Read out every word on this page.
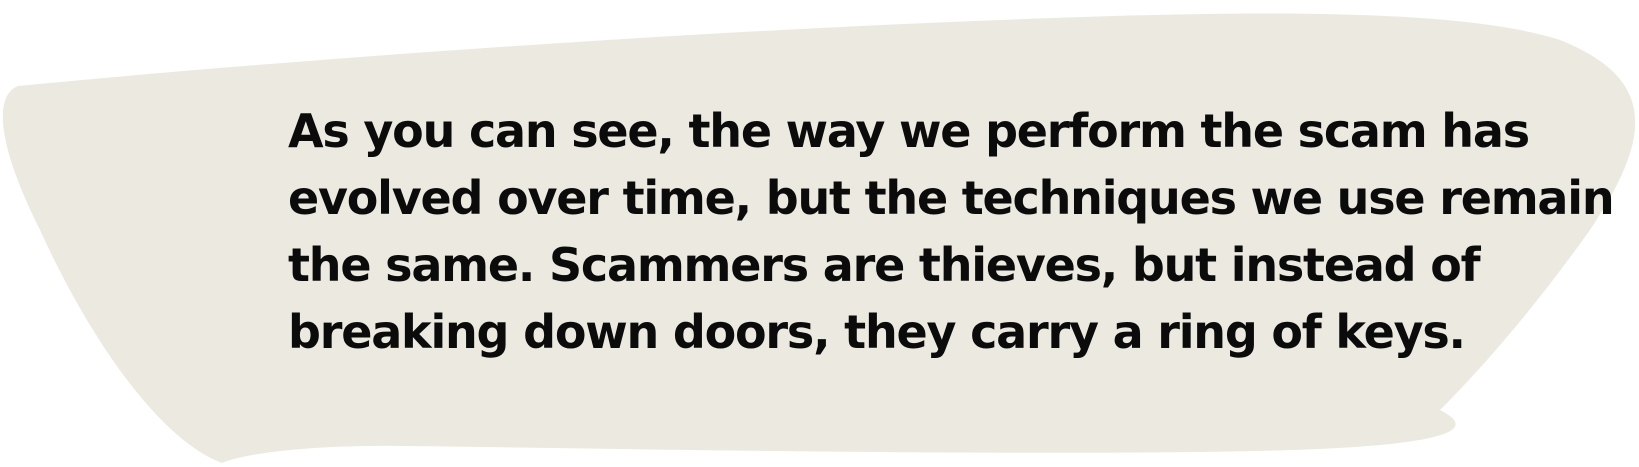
As you can see, the way we perform the scam has
evolved over time, but the techniques we use remain
the same. Scammers are thieves, but instead of
breaking down doors, they carry a ring of keys.
